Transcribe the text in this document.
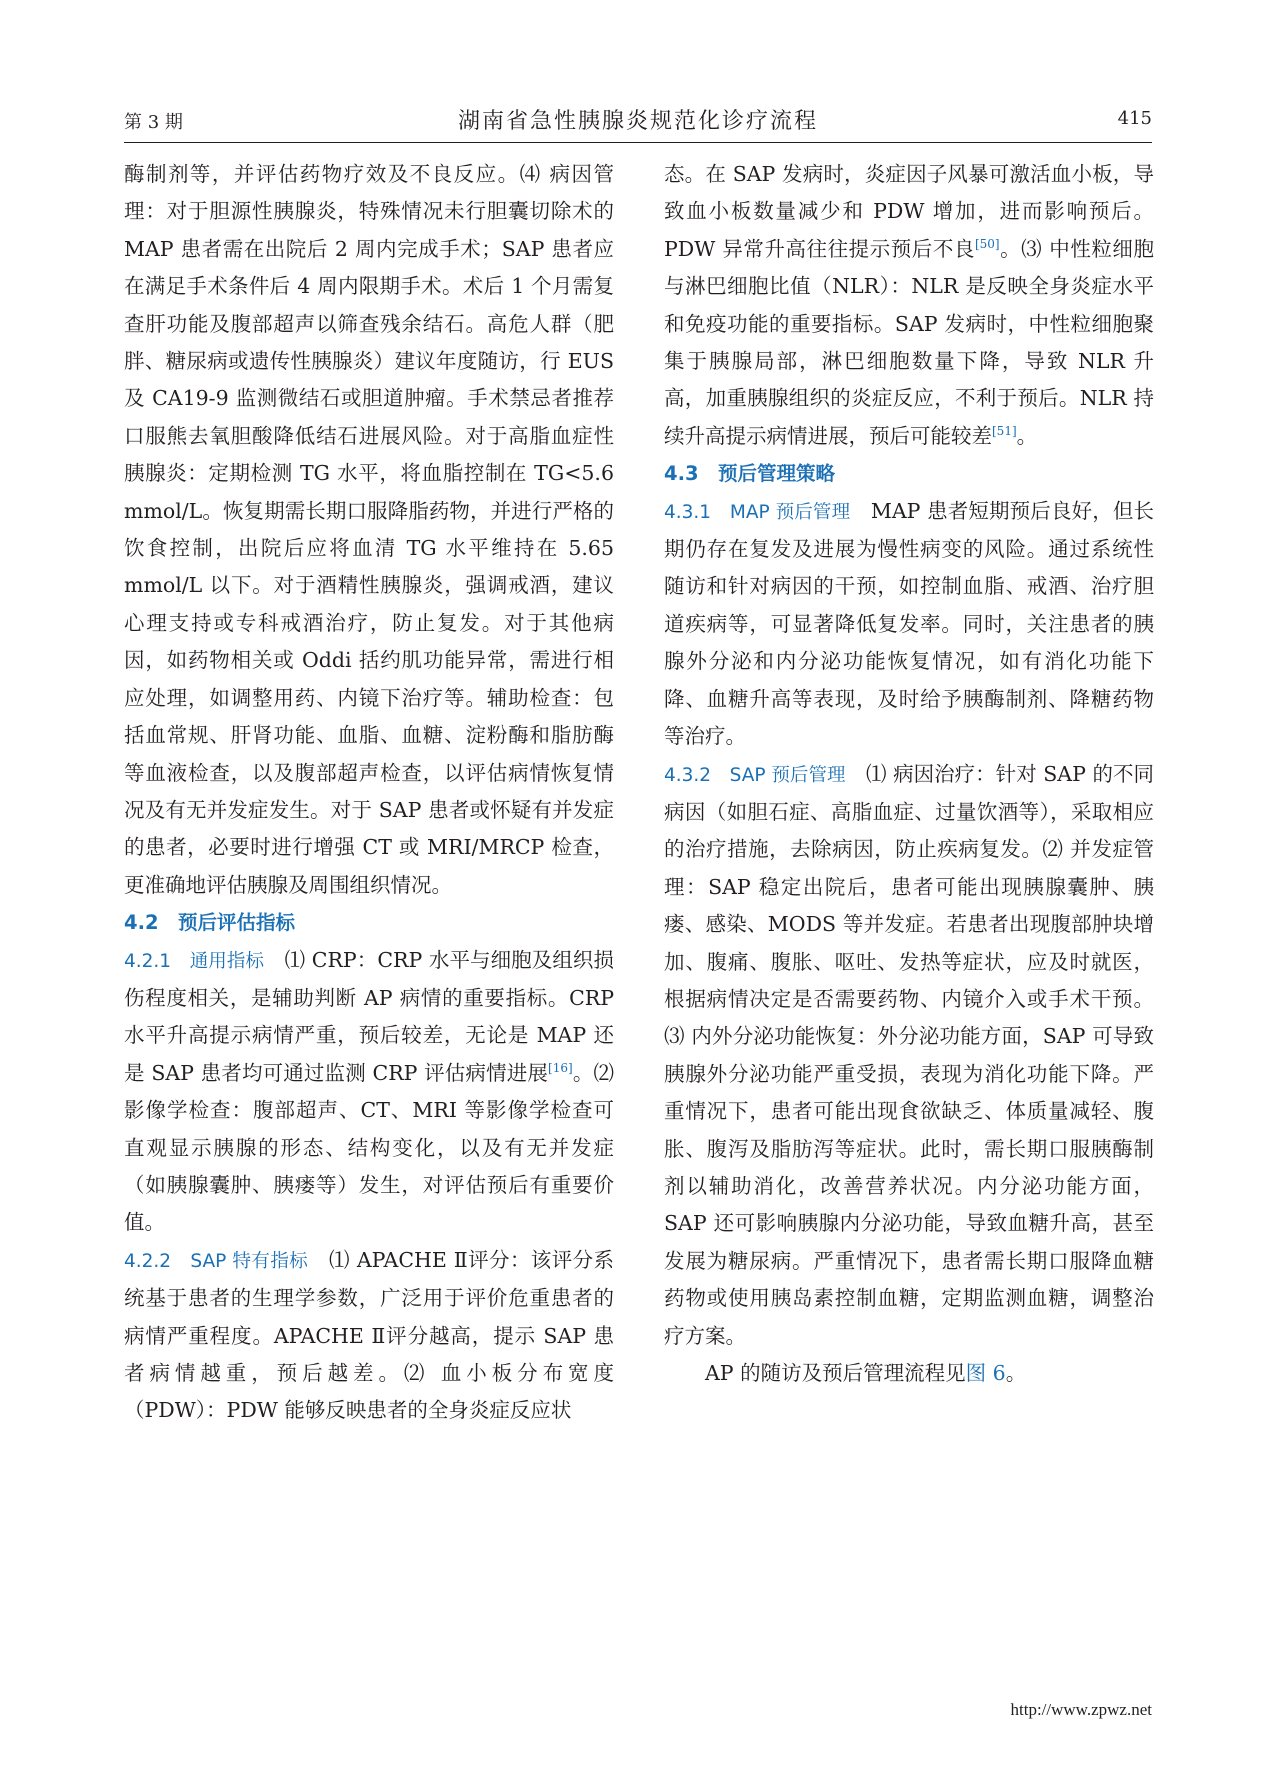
第 3 期	湖南省急性胰腺炎规范化诊疗流程	415

酶制剂等，并评估药物疗效及不良反应。⑷ 病因管理：对于胆源性胰腺炎，特殊情况未行胆囊切除术的 MAP 患者需在出院后 2 周内完成手术；SAP 患者应在满足手术条件后 4 周内限期手术。术后 1 个月需复查肝功能及腹部超声以筛查残余结石。高危人群（肥胖、糖尿病或遗传性胰腺炎）建议年度随访，行 EUS 及 CA19-9 监测微结石或胆道肿瘤。手术禁忌者推荐口服熊去氧胆酸降低结石进展风险。对于高脂血症性胰腺炎：定期检测 TG 水平，将血脂控制在 TG<5.6 mmol/L。恢复期需长期口服降脂药物，并进行严格的饮食控制，出院后应将血清 TG 水平维持在 5.65 mmol/L 以下。对于酒精性胰腺炎，强调戒酒，建议心理支持或专科戒酒治疗，防止复发。对于其他病因，如药物相关或 Oddi 括约肌功能异常，需进行相应处理，如调整用药、内镜下治疗等。辅助检查：包括血常规、肝肾功能、血脂、血糖、淀粉酶和脂肪酶等血液检查，以及腹部超声检查，以评估病情恢复情况及有无并发症发生。对于 SAP 患者或怀疑有并发症的患者，必要时进行增强 CT 或 MRI/MRCP 检查，更准确地评估胰腺及周围组织情况。

4.2　预后评估指标

4.2.1　通用指标　⑴ CRP：CRP 水平与细胞及组织损伤程度相关，是辅助判断 AP 病情的重要指标。CRP 水平升高提示病情严重，预后较差，无论是 MAP 还是 SAP 患者均可通过监测 CRP 评估病情进展[16]。⑵ 影像学检查：腹部超声、CT、MRI 等影像学检查可直观显示胰腺的形态、结构变化，以及有无并发症（如胰腺囊肿、胰瘘等）发生，对评估预后有重要价值。

4.2.2　SAP 特有指标　⑴ APACHE Ⅱ评分：该评分系统基于患者的生理学参数，广泛用于评价危重患者的病情严重程度。APACHE Ⅱ评分越高，提示 SAP 患者病情越重，预后越差。⑵ 血小板分布宽度（PDW）：PDW 能够反映患者的全身炎症反应状

态。在 SAP 发病时，炎症因子风暴可激活血小板，导致血小板数量减少和 PDW 增加，进而影响预后。PDW 异常升高往往提示预后不良[50]。⑶ 中性粒细胞与淋巴细胞比值（NLR）：NLR 是反映全身炎症水平和免疫功能的重要指标。SAP 发病时，中性粒细胞聚集于胰腺局部，淋巴细胞数量下降，导致 NLR 升高，加重胰腺组织的炎症反应，不利于预后。NLR 持续升高提示病情进展，预后可能较差[51]。

4.3　预后管理策略

4.3.1　MAP 预后管理　MAP 患者短期预后良好，但长期仍存在复发及进展为慢性病变的风险。通过系统性随访和针对病因的干预，如控制血脂、戒酒、治疗胆道疾病等，可显著降低复发率。同时，关注患者的胰腺外分泌和内分泌功能恢复情况，如有消化功能下降、血糖升高等表现，及时给予胰酶制剂、降糖药物等治疗。

4.3.2　SAP 预后管理　⑴ 病因治疗：针对 SAP 的不同病因（如胆石症、高脂血症、过量饮酒等），采取相应的治疗措施，去除病因，防止疾病复发。⑵ 并发症管理：SAP 稳定出院后，患者可能出现胰腺囊肿、胰瘘、感染、MODS 等并发症。若患者出现腹部肿块增加、腹痛、腹胀、呕吐、发热等症状，应及时就医，根据病情决定是否需要药物、内镜介入或手术干预。⑶ 内外分泌功能恢复：外分泌功能方面，SAP 可导致胰腺外分泌功能严重受损，表现为消化功能下降。严重情况下，患者可能出现食欲缺乏、体质量减轻、腹胀、腹泻及脂肪泻等症状。此时，需长期口服胰酶制剂以辅助消化，改善营养状况。内分泌功能方面，SAP 还可影响胰腺内分泌功能，导致血糖升高，甚至发展为糖尿病。严重情况下，患者需长期口服降血糖药物或使用胰岛素控制血糖，定期监测血糖，调整治疗方案。

AP 的随访及预后管理流程见图 6。

http://www.zpwz.net
